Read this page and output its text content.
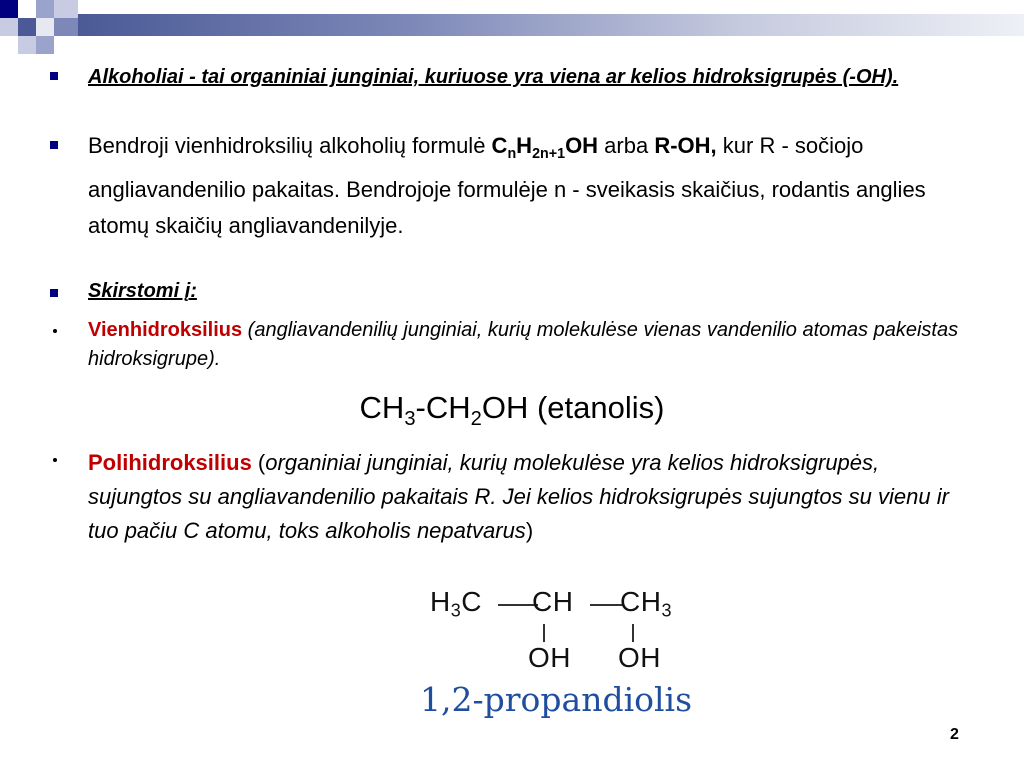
Alkoholiai - tai organiniai junginiai, kuriuose yra viena ar kelios hidroksigrupės (-OH).
Bendroji vienhidroksilių alkoholių formulė $C_nH_{2n+1}OH$ arba R-OH, kur R - sočiojo angliavandenilio pakaitas. Bendrojoje formulėje n - sveikasis skaičius, rodantis anglies atomų skaičių angliavandenilyje.
Skirstomi į:
Vienhidroksilius (angliavandenilių junginiai, kurių molekulėse vienas vandenilio atomas pakeistas hidroksigrupe).
$CH_3-CH_2OH$ (etanolis)
Polihidroksilius (organiniai junginiai, kurių molekulėse yra kelios hidroksigrupės, sujungtos su angliavandenilio pakaitais R. Jei kelios hidroksigrupės sujungtos su vienu ir tuo pačiu C atomu, toks alkoholis nepatvarus)
$H_3C$ CH $CH_3$
OH OH
1,2-propandiolis
2
